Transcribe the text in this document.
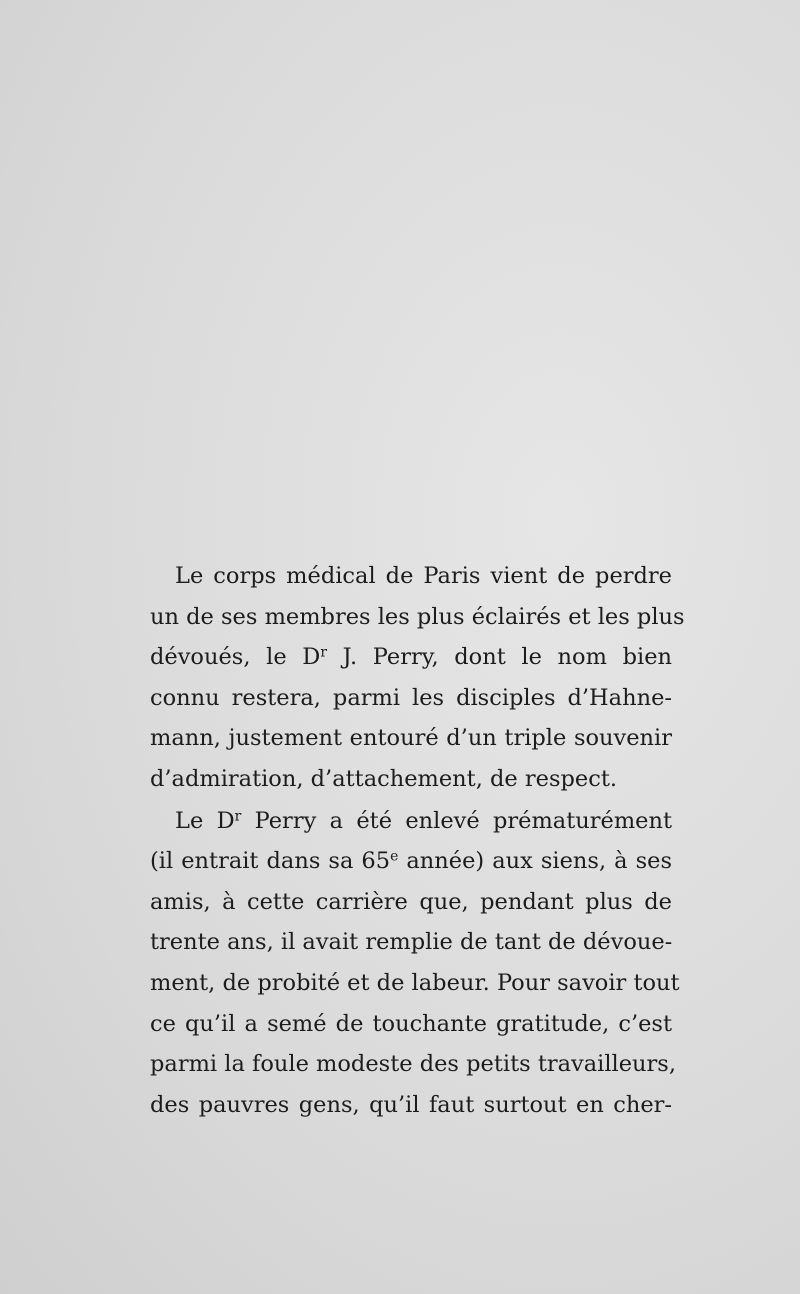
Le corps médical de Paris vient de perdre
un de ses membres les plus éclairés et les plus
dévoués, le $D^r$ J. Perry, dont le nom bien
connu restera, parmi les disciples d’Hahne-
mann, justement entouré d’un triple souvenir
d’admiration, d’attachement, de respect.
Le $D^r$ Perry a été enlevé prématurément
(il entrait dans sa 65e année) aux siens, à ses
amis, à cette carrière que, pendant plus de
trente ans, il avait remplie de tant de dévoue-
ment, de probité et de labeur. Pour savoir tout
ce qu’il a semé de touchante gratitude, c’est
parmi la foule modeste des petits travailleurs,
des pauvres gens, qu’il faut surtout en cher-
